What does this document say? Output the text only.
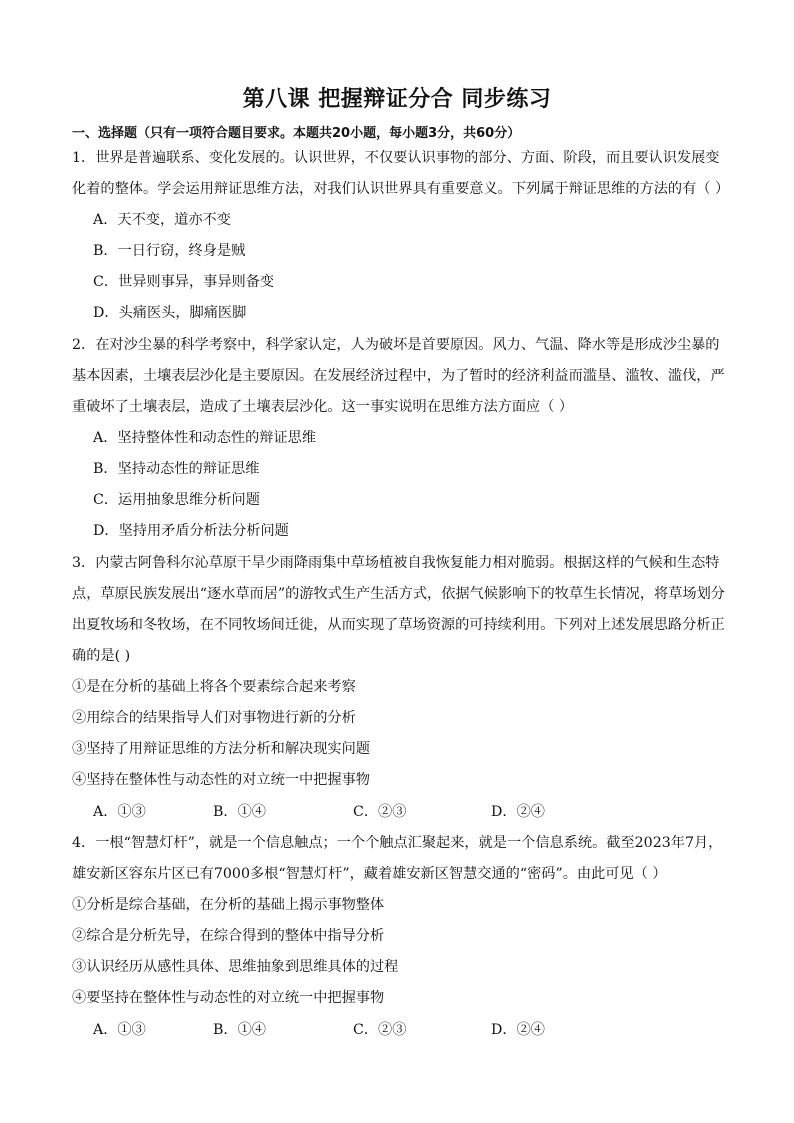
第八课 把握辩证分合 同步练习
一、选择题（只有一项符合题目要求。本题共20小题，每小题3分，共60分）
1．世界是普遍联系、变化发展的。认识世界，不仅要认识事物的部分、方面、阶段，而且要认识发展变
化着的整体。学会运用辩证思维方法，对我们认识世界具有重要意义。下列属于辩证思维的方法的有（ ）
A．天不变，道亦不变
B．一日行窃，终身是贼
C．世异则事异，事异则备变
D．头痛医头，脚痛医脚
2．在对沙尘暴的科学考察中，科学家认定，人为破坏是首要原因。风力、气温、降水等是形成沙尘暴的
基本因素，土壤表层沙化是主要原因。在发展经济过程中，为了暂时的经济利益而滥垦、滥牧、滥伐，严
重破坏了土壤表层，造成了土壤表层沙化。这一事实说明在思维方法方面应（ ）
A．坚持整体性和动态性的辩证思维
B．坚持动态性的辩证思维
C．运用抽象思维分析问题
D．坚持用矛盾分析法分析问题
3．内蒙古阿鲁科尔沁草原干旱少雨降雨集中草场植被自我恢复能力相对脆弱。根据这样的气候和生态特
点，草原民族发展出“逐水草而居”的游牧式生产生活方式，依据气候影响下的牧草生长情况，将草场划分
出夏牧场和冬牧场，在不同牧场间迁徙，从而实现了草场资源的可持续利用。下列对上述发展思路分析正
确的是( )
①是在分析的基础上将各个要素综合起来考察
②用综合的结果指导人们对事物进行新的分析
③坚持了用辩证思维的方法分析和解决现实问题
④坚持在整体性与动态性的对立统一中把握事物
A．①③	B．①④	C．②③	D．②④
4．一根“智慧灯杆”，就是一个信息触点；一个个触点汇聚起来，就是一个信息系统。截至2023年7月，
雄安新区容东片区已有7000多根“智慧灯杆”，藏着雄安新区智慧交通的“密码”。由此可见（ ）
①分析是综合基础，在分析的基础上揭示事物整体
②综合是分析先导，在综合得到的整体中指导分析
③认识经历从感性具体、思维抽象到思维具体的过程
④要坚持在整体性与动态性的对立统一中把握事物
A．①③	B．①④	C．②③	D．②④
